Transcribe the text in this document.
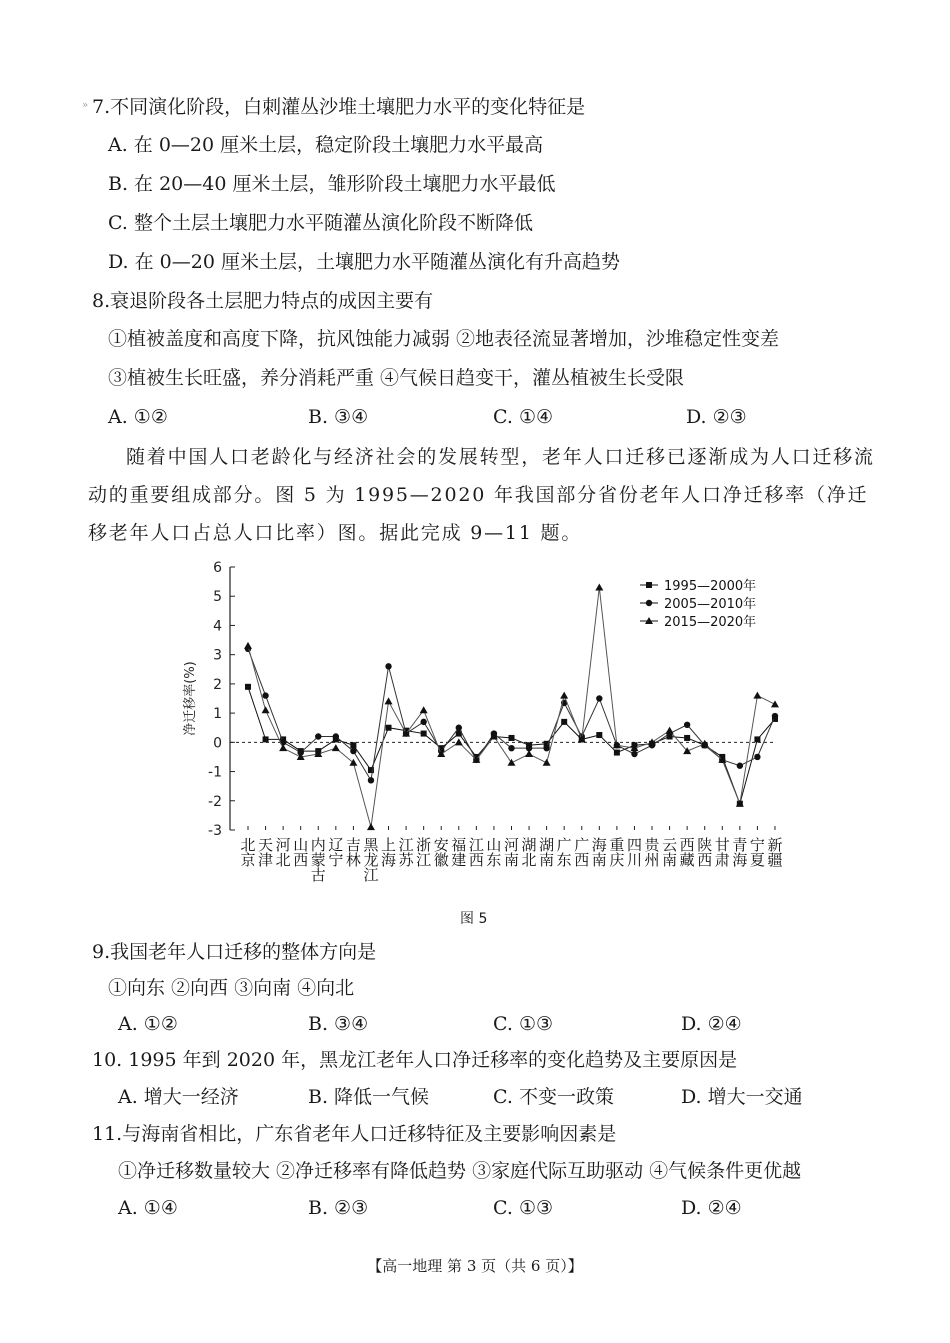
» 7.不同演化阶段，白刺灌丛沙堆土壤肥力水平的变化特征是
A. 在 0—20 厘米土层，稳定阶段土壤肥力水平最高
B. 在 20—40 厘米土层，雏形阶段土壤肥力水平最低
C. 整个土层土壤肥力水平随灌丛演化阶段不断降低
D. 在 0—20 厘米土层，土壤肥力水平随灌丛演化有升高趋势
8.衰退阶段各土层肥力特点的成因主要有
①植被盖度和高度下降，抗风蚀能力减弱 ②地表径流显著增加，沙堆稳定性变差
③植被生长旺盛，养分消耗严重 ④气候日趋变干，灌丛植被生长受限
A. ①②	B. ③④	C. ①④	D. ②③
随着中国人口老龄化与经济社会的发展转型，老年人口迁移已逐渐成为人口迁移流动的重要组成部分。图 5 为 1995—2020 年我国部分省份老年人口净迁移率（净迁移老年人口占总人口比率）图。据此完成 9—11 题。
6
5
4
3
2
1
0
-1
-2
-3
净迁移率(%)
北京
天津
河北
山西
内蒙古
辽宁
吉林
黑龙江
上海
江苏
浙江
安徽
福建
江西
山东
河南
湖北
湖南
广东
广西
海南
重庆
四川
贵州
云南
西藏
陕西
甘肃
青海
宁夏
新疆
1995—2000年
2005—2010年
2015—2020年
图 5
9.我国老年人口迁移的整体方向是
①向东 ②向西 ③向南 ④向北
A. ①②	B. ③④	C. ①③	D. ②④
10. 1995 年到 2020 年，黑龙江老年人口净迁移率的变化趋势及主要原因是
A. 增大一经济	B. 降低一气候	C. 不变一政策	D. 增大一交通
11.与海南省相比，广东省老年人口迁移特征及主要影响因素是
①净迁移数量较大 ②净迁移率有降低趋势 ③家庭代际互助驱动 ④气候条件更优越
A. ①④	B. ②③	C. ①③	D. ②④
【高一地理 第 3 页（共 6 页）】
